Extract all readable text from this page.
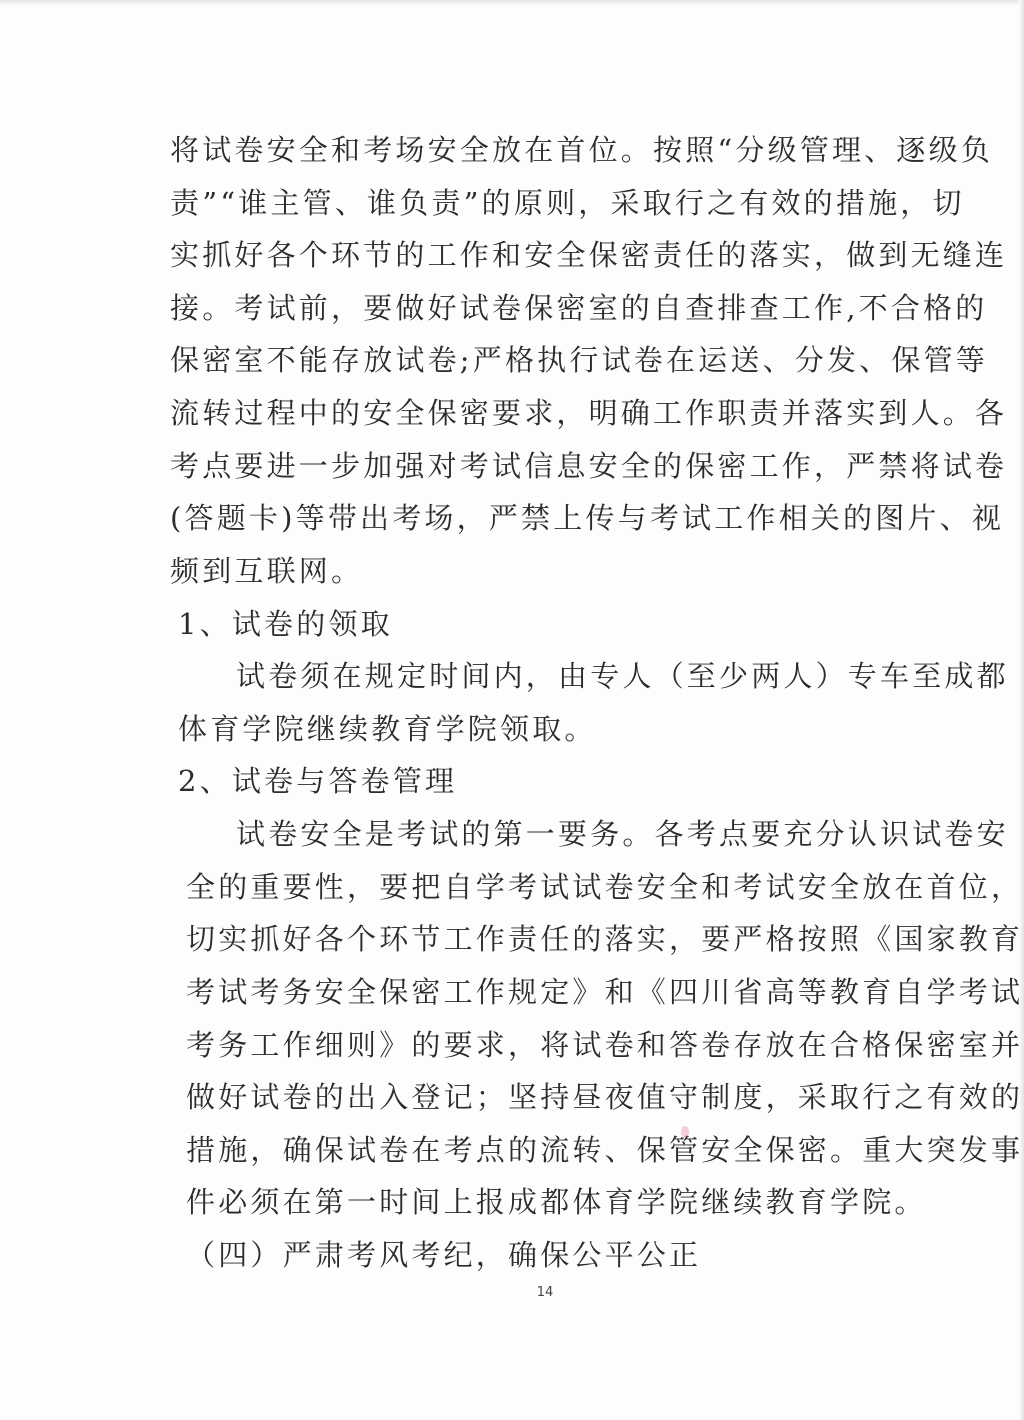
将试卷安全和考场安全放在首位。按照“分级管理、逐级负
责”“谁主管、谁负责”的原则，采取行之有效的措施，切
实抓好各个环节的工作和安全保密责任的落实，做到无缝连
接。考试前，要做好试卷保密室的自查排查工作,不合格的
保密室不能存放试卷;严格执行试卷在运送、分发、保管等
流转过程中的安全保密要求，明确工作职责并落实到人。各
考点要进一步加强对考试信息安全的保密工作，严禁将试卷
(答题卡)等带出考场，严禁上传与考试工作相关的图片、视
频到互联网。
1、试卷的领取
试卷须在规定时间内，由专人（至少两人）专车至成都
体育学院继续教育学院领取。
2、试卷与答卷管理
试卷安全是考试的第一要务。各考点要充分认识试卷安
全的重要性，要把自学考试试卷安全和考试安全放在首位，
切实抓好各个环节工作责任的落实，要严格按照《国家教育
考试考务安全保密工作规定》和《四川省高等教育自学考试
考务工作细则》的要求，将试卷和答卷存放在合格保密室并
做好试卷的出入登记；坚持昼夜值守制度，采取行之有效的
措施，确保试卷在考点的流转、保管安全保密。重大突发事
件必须在第一时间上报成都体育学院继续教育学院。
（四）严肃考风考纪，确保公平公正
14
